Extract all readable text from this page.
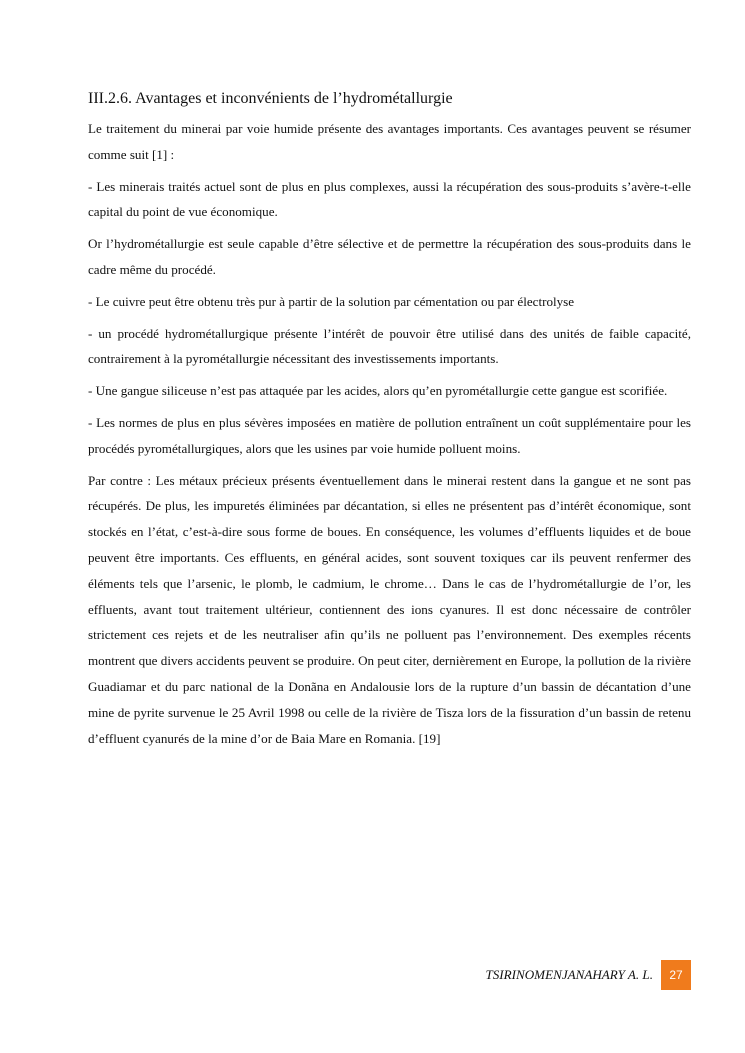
III.2.6. Avantages et inconvénients de l’hydrométallurgie

Le traitement du minerai par voie humide présente des avantages importants. Ces avantages peuvent se résumer comme suit [1] :

- Les minerais traités actuel sont de plus en plus complexes, aussi la récupération des sous-produits s’avère-t-elle capital du point de vue économique.

Or l’hydrométallurgie est seule capable d’être sélective et de permettre la récupération des sous-produits dans le cadre même du procédé.

- Le cuivre peut être obtenu très pur à partir de la solution par cémentation ou par électrolyse

- un procédé hydrométallurgique présente l’intérêt de pouvoir être utilisé dans des unités de faible capacité, contrairement à la pyrométallurgie nécessitant des investissements importants.

- Une gangue siliceuse n’est pas attaquée par les acides, alors qu’en pyrométallurgie cette gangue est scorifiée.

- Les normes de plus en plus sévères imposées en matière de pollution entraînent un coût supplémentaire pour les procédés pyrométallurgiques, alors que les usines par voie humide polluent moins.

Par contre : Les métaux précieux présents éventuellement dans le minerai restent dans la gangue et ne sont pas récupérés. De plus, les impuretés éliminées par décantation, si elles ne présentent pas d’intérêt économique, sont stockés en l’état, c’est-à-dire sous forme de boues. En conséquence, les volumes d’effluents liquides et de boue peuvent être importants. Ces effluents, en général acides, sont souvent toxiques car ils peuvent renfermer des éléments tels que l’arsenic, le plomb, le cadmium, le chrome… Dans le cas de l’hydrométallurgie de l’or, les effluents, avant tout traitement ultérieur, contiennent des ions cyanures. Il est donc nécessaire de contrôler strictement ces rejets et de les neutraliser afin qu’ils ne polluent pas l’environnement. Des exemples récents montrent que divers accidents peuvent se produire. On peut citer, dernièrement en Europe, la pollution de la rivière Guadiamar et du parc national de la Donãna en Andalousie lors de la rupture d’un bassin de décantation d’une mine de pyrite survenue le 25 Avril 1998 ou celle de la rivière de Tisza lors de la fissuration d’un bassin de retenu d’effluent cyanurés de la mine d’or de Baia Mare en Romania. [19]

TSIRINOMENJANAHARY A. L.	27
